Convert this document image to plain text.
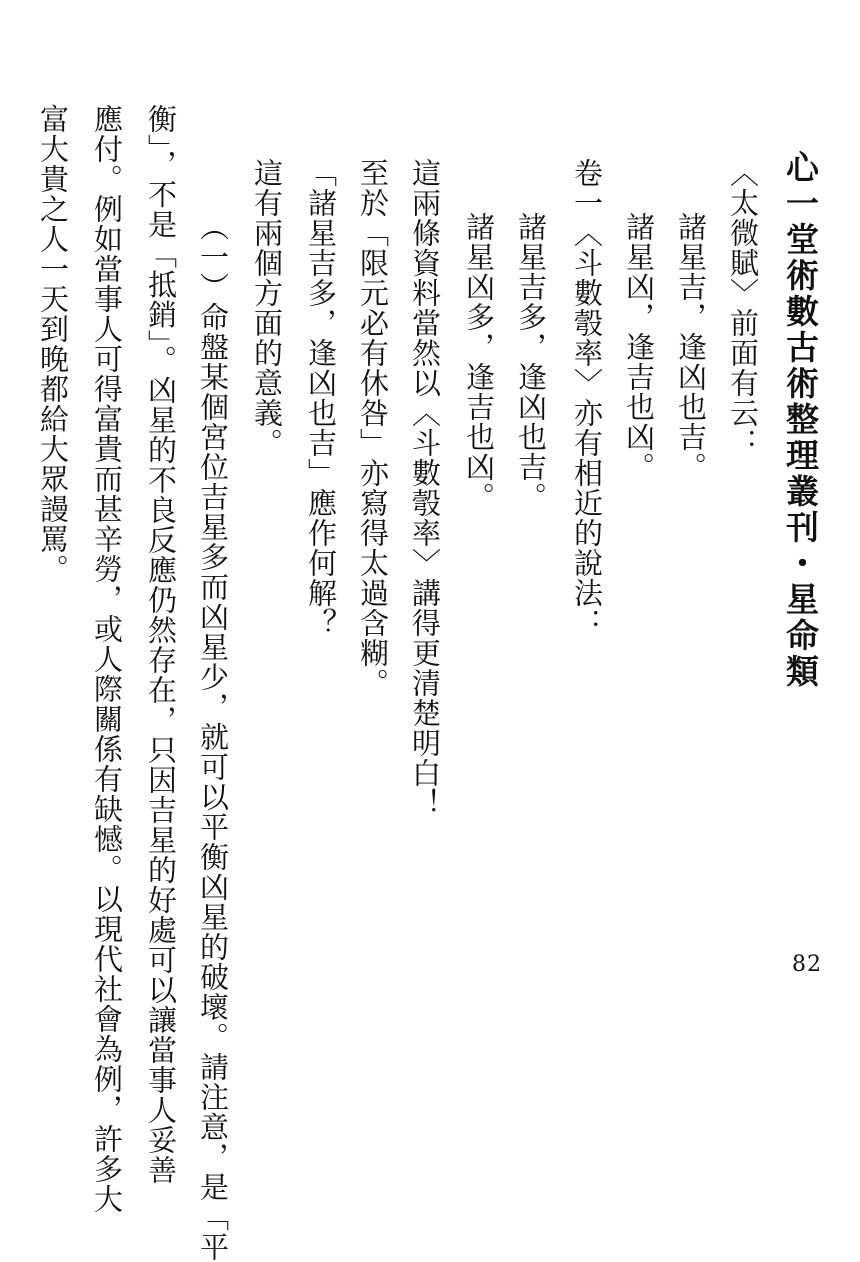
心一堂術數古術整理叢刊・星命類
82
〈太微賦〉前面有云：
諸星吉，逢凶也吉。
諸星凶，逢吉也凶。
卷一〈斗數彀率〉亦有相近的說法：
諸星吉多，逢凶也吉。
諸星凶多，逢吉也凶。
這兩條資料當然以〈斗數彀率〉講得更清楚明白！
至於「限元必有休咎」亦寫得太過含糊。
「諸星吉多，逢凶也吉」應作何解？
這有兩個方面的意義。
（一）命盤某個宮位吉星多而凶星少，就可以平衡凶星的破壞。請注意，是「平
衡」，不是「抵銷」。凶星的不良反應仍然存在，只因吉星的好處可以讓當事人妥善
應付。例如當事人可得富貴而甚辛勞，或人際關係有缺憾。以現代社會為例，許多大
富大貴之人一天到晚都給大眾謾罵。
